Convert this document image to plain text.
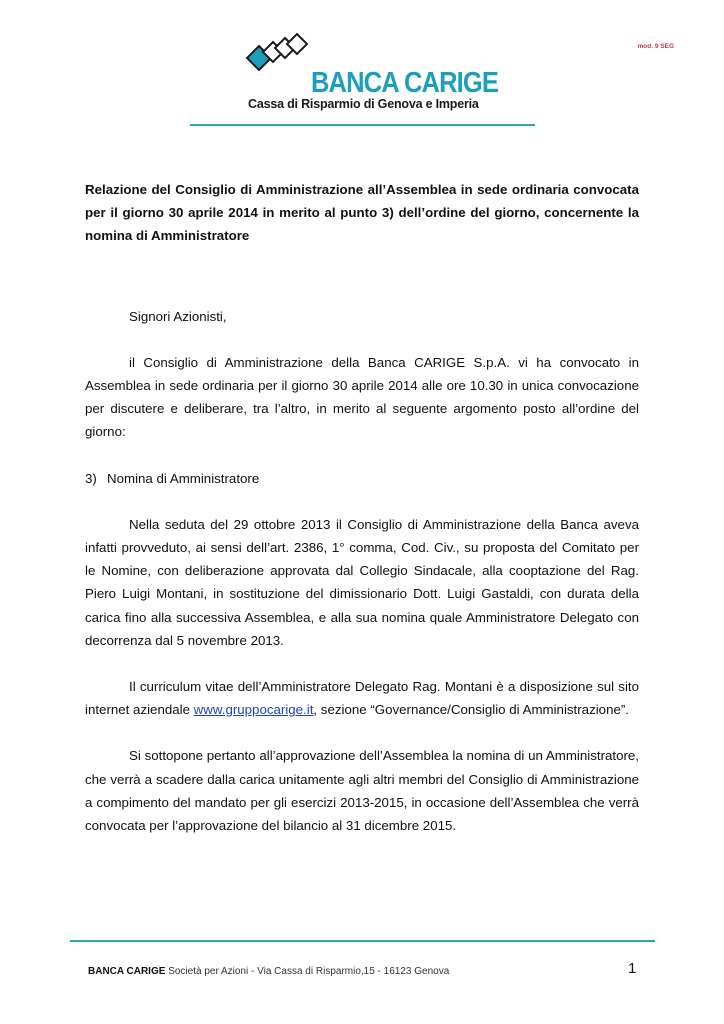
mod. 9 SEG
BANCA CARIGE
Cassa di Risparmio di Genova e Imperia

Relazione del Consiglio di Amministrazione all’Assemblea in sede ordinaria convocata per il giorno 30 aprile 2014 in merito al punto 3) dell’ordine del giorno, concernente la nomina di Amministratore

Signori Azionisti,

il Consiglio di Amministrazione della Banca CARIGE S.p.A. vi ha convocato in Assemblea in sede ordinaria per il giorno 30 aprile 2014 alle ore 10.30 in unica convocazione per discutere e deliberare, tra l’altro, in merito al seguente argomento posto all’ordine del giorno:

3) Nomina di Amministratore

Nella seduta del 29 ottobre 2013 il Consiglio di Amministrazione della Banca aveva infatti provveduto, ai sensi dell’art. 2386, 1° comma, Cod. Civ., su proposta del Comitato per le Nomine, con deliberazione approvata dal Collegio Sindacale, alla cooptazione del Rag. Piero Luigi Montani, in sostituzione del dimissionario Dott. Luigi Gastaldi, con durata della carica fino alla successiva Assemblea, e alla sua nomina quale Amministratore Delegato con decorrenza dal 5 novembre 2013.

Il curriculum vitae dell’Amministratore Delegato Rag. Montani è a disposizione sul sito internet aziendale www.gruppocarige.it, sezione “Governance/Consiglio di Amministrazione”.

Si sottopone pertanto all’approvazione dell’Assemblea la nomina di un Amministratore, che verrà a scadere dalla carica unitamente agli altri membri del Consiglio di Amministrazione a compimento del mandato per gli esercizi 2013-2015, in occasione dell’Assemblea che verrà convocata per l’approvazione del bilancio al 31 dicembre 2015.

BANCA CARIGE Società per Azioni - Via Cassa di Risparmio,15 - 16123 Genova	1
